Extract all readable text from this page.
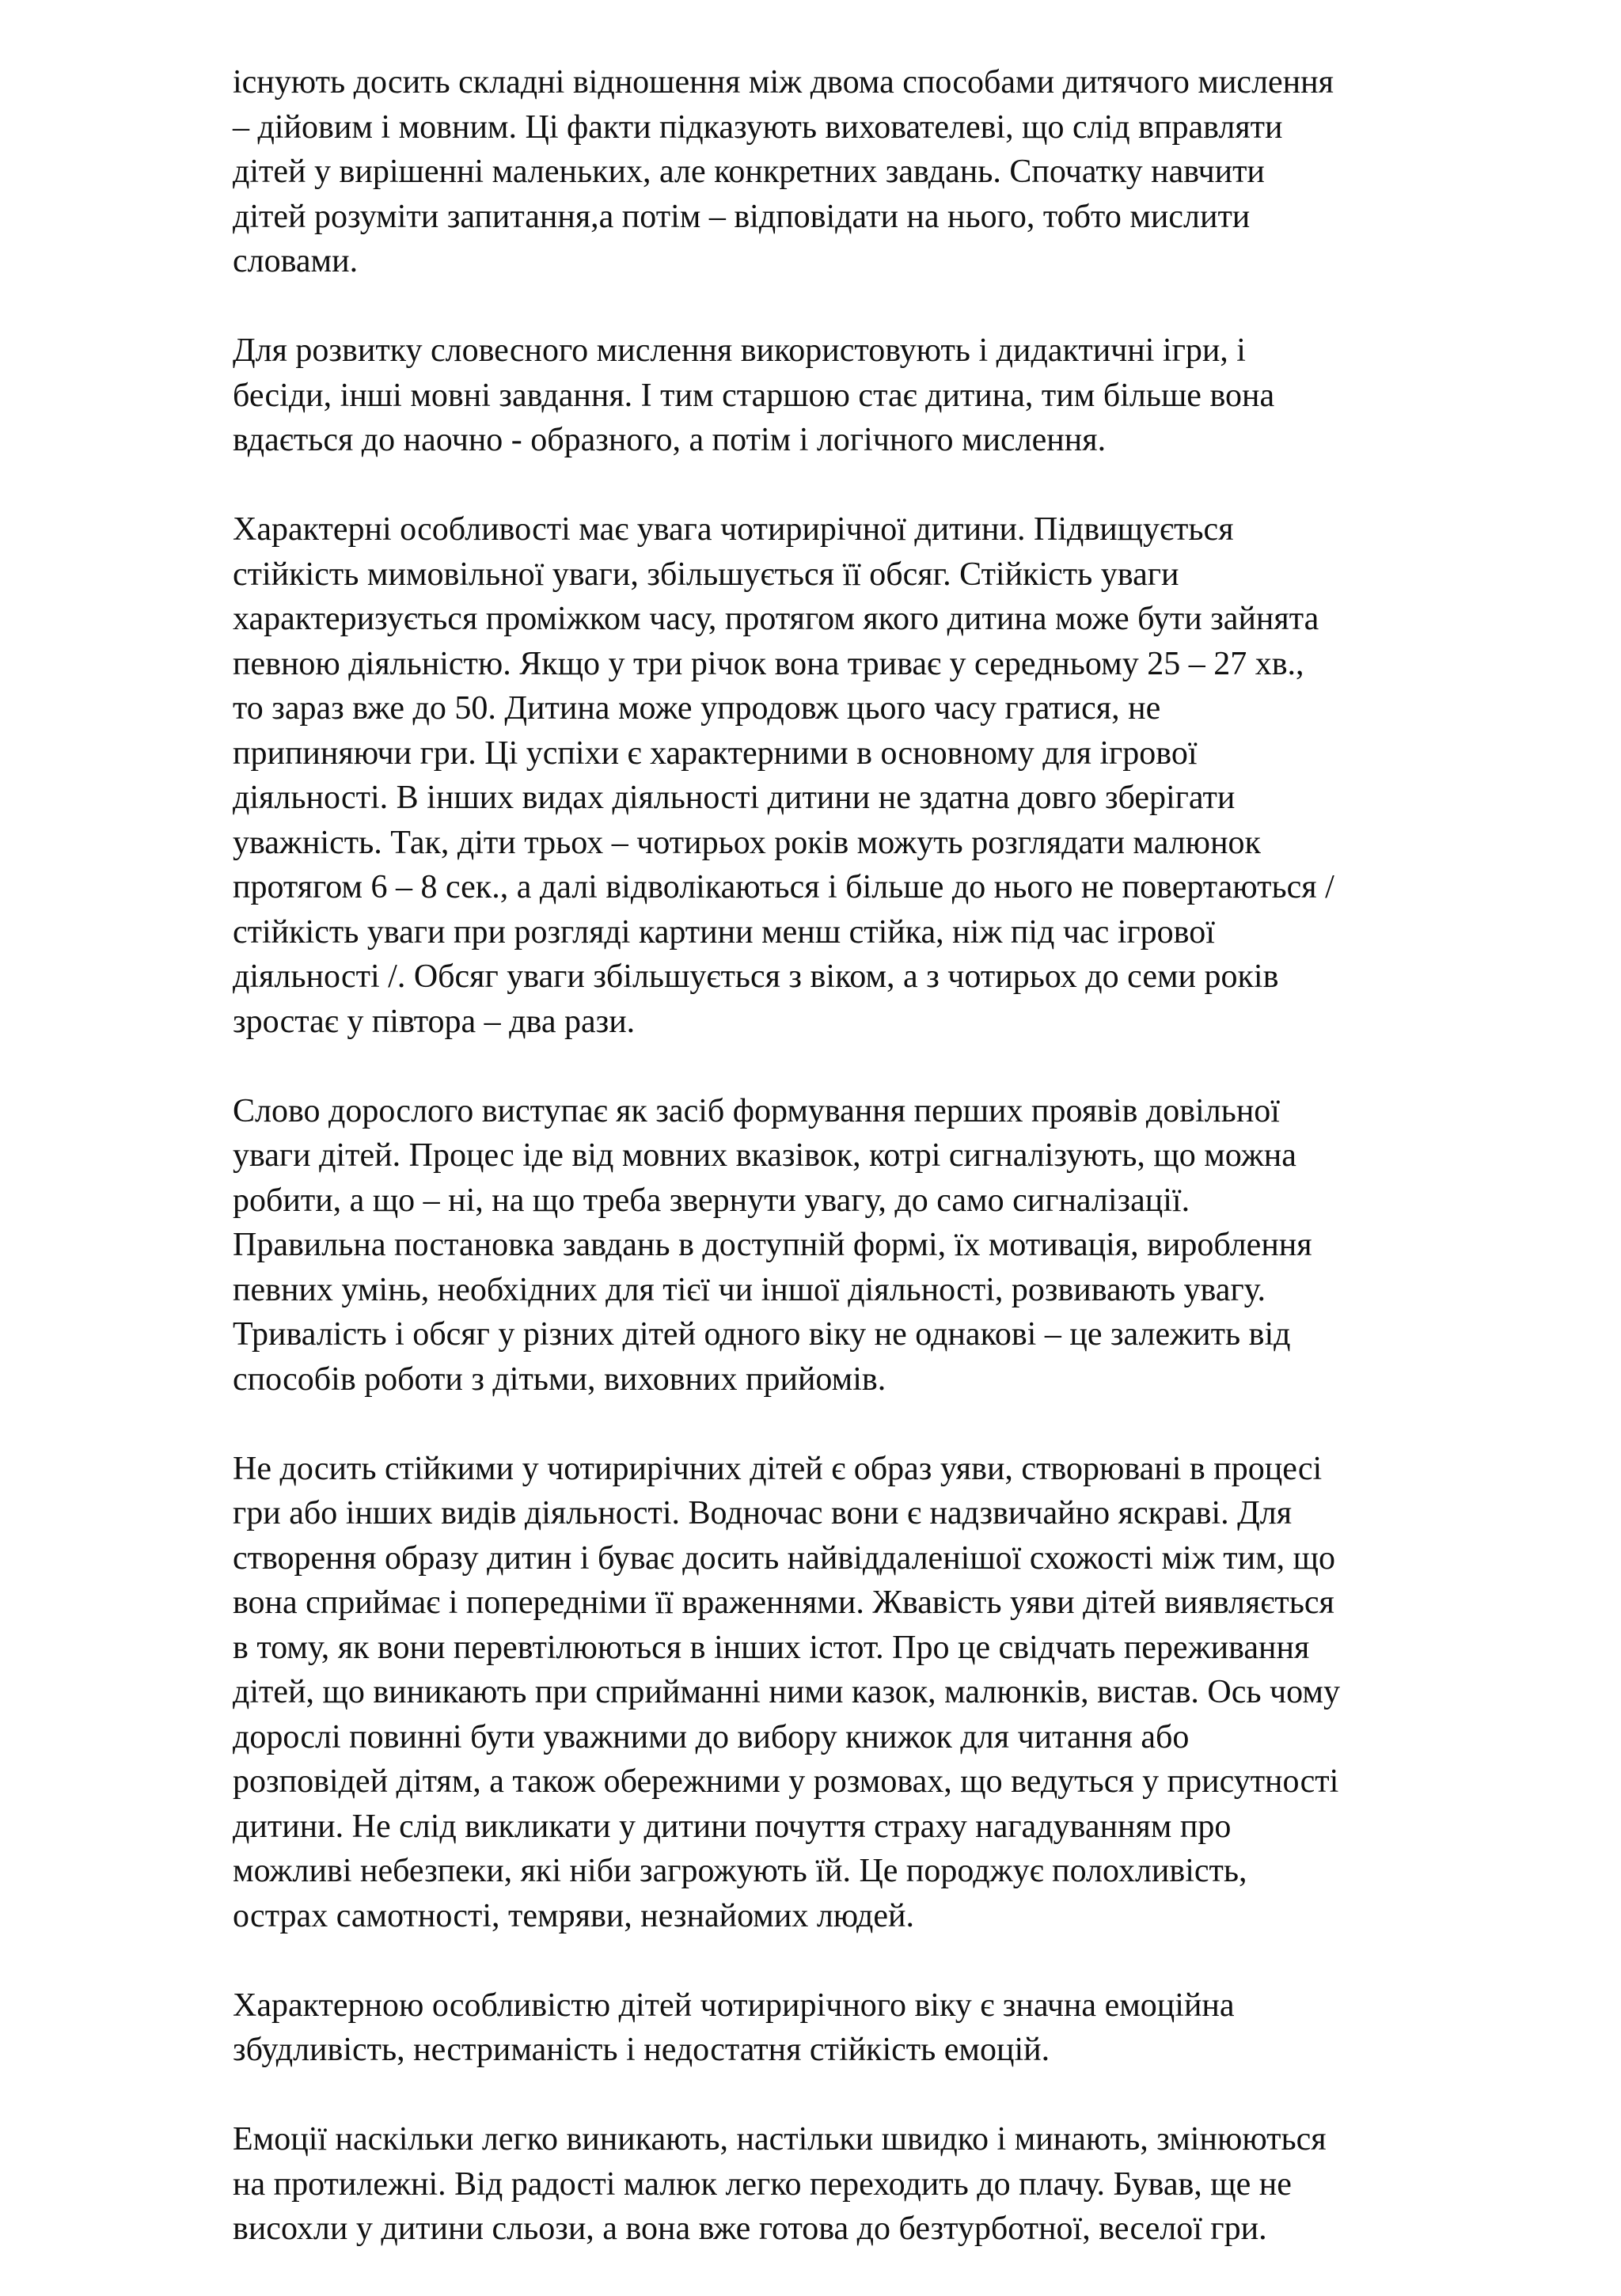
існують досить складні відношення між двома способами дитячого мислення
– дійовим і мовним. Ці факти підказують вихователеві, що слід вправляти
дітей у вирішенні маленьких, але конкретних завдань. Спочатку навчити
дітей розуміти запитання,а потім – відповідати на нього, тобто мислити
словами.

Для розвитку словесного мислення використовують і дидактичні ігри, і
бесіди, інші мовні завдання. І тим старшою стає дитина, тим більше вона
вдається до наочно - образного, а потім і логічного мислення.

Характерні особливості має увага чотирирічної дитини. Підвищується
стійкість мимовільної уваги, збільшується її обсяг. Стійкість уваги
характеризується проміжком часу, протягом якого дитина може бути зайнята
певною діяльністю. Якщо у три річок вона триває у середньому 25 – 27 хв.,
то зараз вже до 50. Дитина може упродовж цього часу гратися, не
припиняючи гри. Ці успіхи є характерними в основному для ігрової
діяльності. В інших видах діяльності дитини не здатна довго зберігати
уважність. Так, діти трьох – чотирьох років можуть розглядати малюнок
протягом 6 – 8 сек., а далі відволікаються і більше до нього не повертаються /
стійкість уваги при розгляді картини менш стійка, ніж під час ігрової
діяльності /. Обсяг уваги збільшується з віком, а з чотирьох до семи років
зростає у півтора – два рази.

Слово дорослого виступає як засіб формування перших проявів довільної
уваги дітей. Процес іде від мовних вказівок, котрі сигналізують, що можна
робити, а що – ні, на що треба звернути увагу, до само сигналізації.
Правильна постановка завдань в доступній формі, їх мотивація, вироблення
певних умінь, необхідних для тієї чи іншої діяльності, розвивають увагу.
Тривалість і обсяг у різних дітей одного віку не однакові – це залежить від
способів роботи з дітьми, виховних прийомів.

Не досить стійкими у чотирирічних дітей є образ уяви, створювані в процесі
гри або інших видів діяльності. Водночас вони є надзвичайно яскраві. Для
створення образу дитин і буває досить найвіддаленішої схожості між тим, що
вона сприймає і попередніми її враженнями. Жвавість уяви дітей виявляється
в тому, як вони перевтілюються в інших істот. Про це свідчать переживання
дітей, що виникають при сприйманні ними казок, малюнків, вистав. Ось чому
дорослі повинні бути уважними до вибору книжок для читання або
розповідей дітям, а також обережними у розмовах, що ведуться у присутності
дитини. Не слід викликати у дитини почуття страху нагадуванням про
можливі небезпеки, які ніби загрожують їй. Це породжує полохливість,
острах самотності, темряви, незнайомих людей.

Характерною особливістю дітей чотирирічного віку є значна емоційна
збудливість, нестриманість і недостатня стійкість емоцій.

Емоції наскільки легко виникають, настільки швидко і минають, змінюються
на протилежні. Від радості малюк легко переходить до плачу. Бував, ще не
висохли у дитини сльози, а вона вже готова до безтурботної, веселої гри.
